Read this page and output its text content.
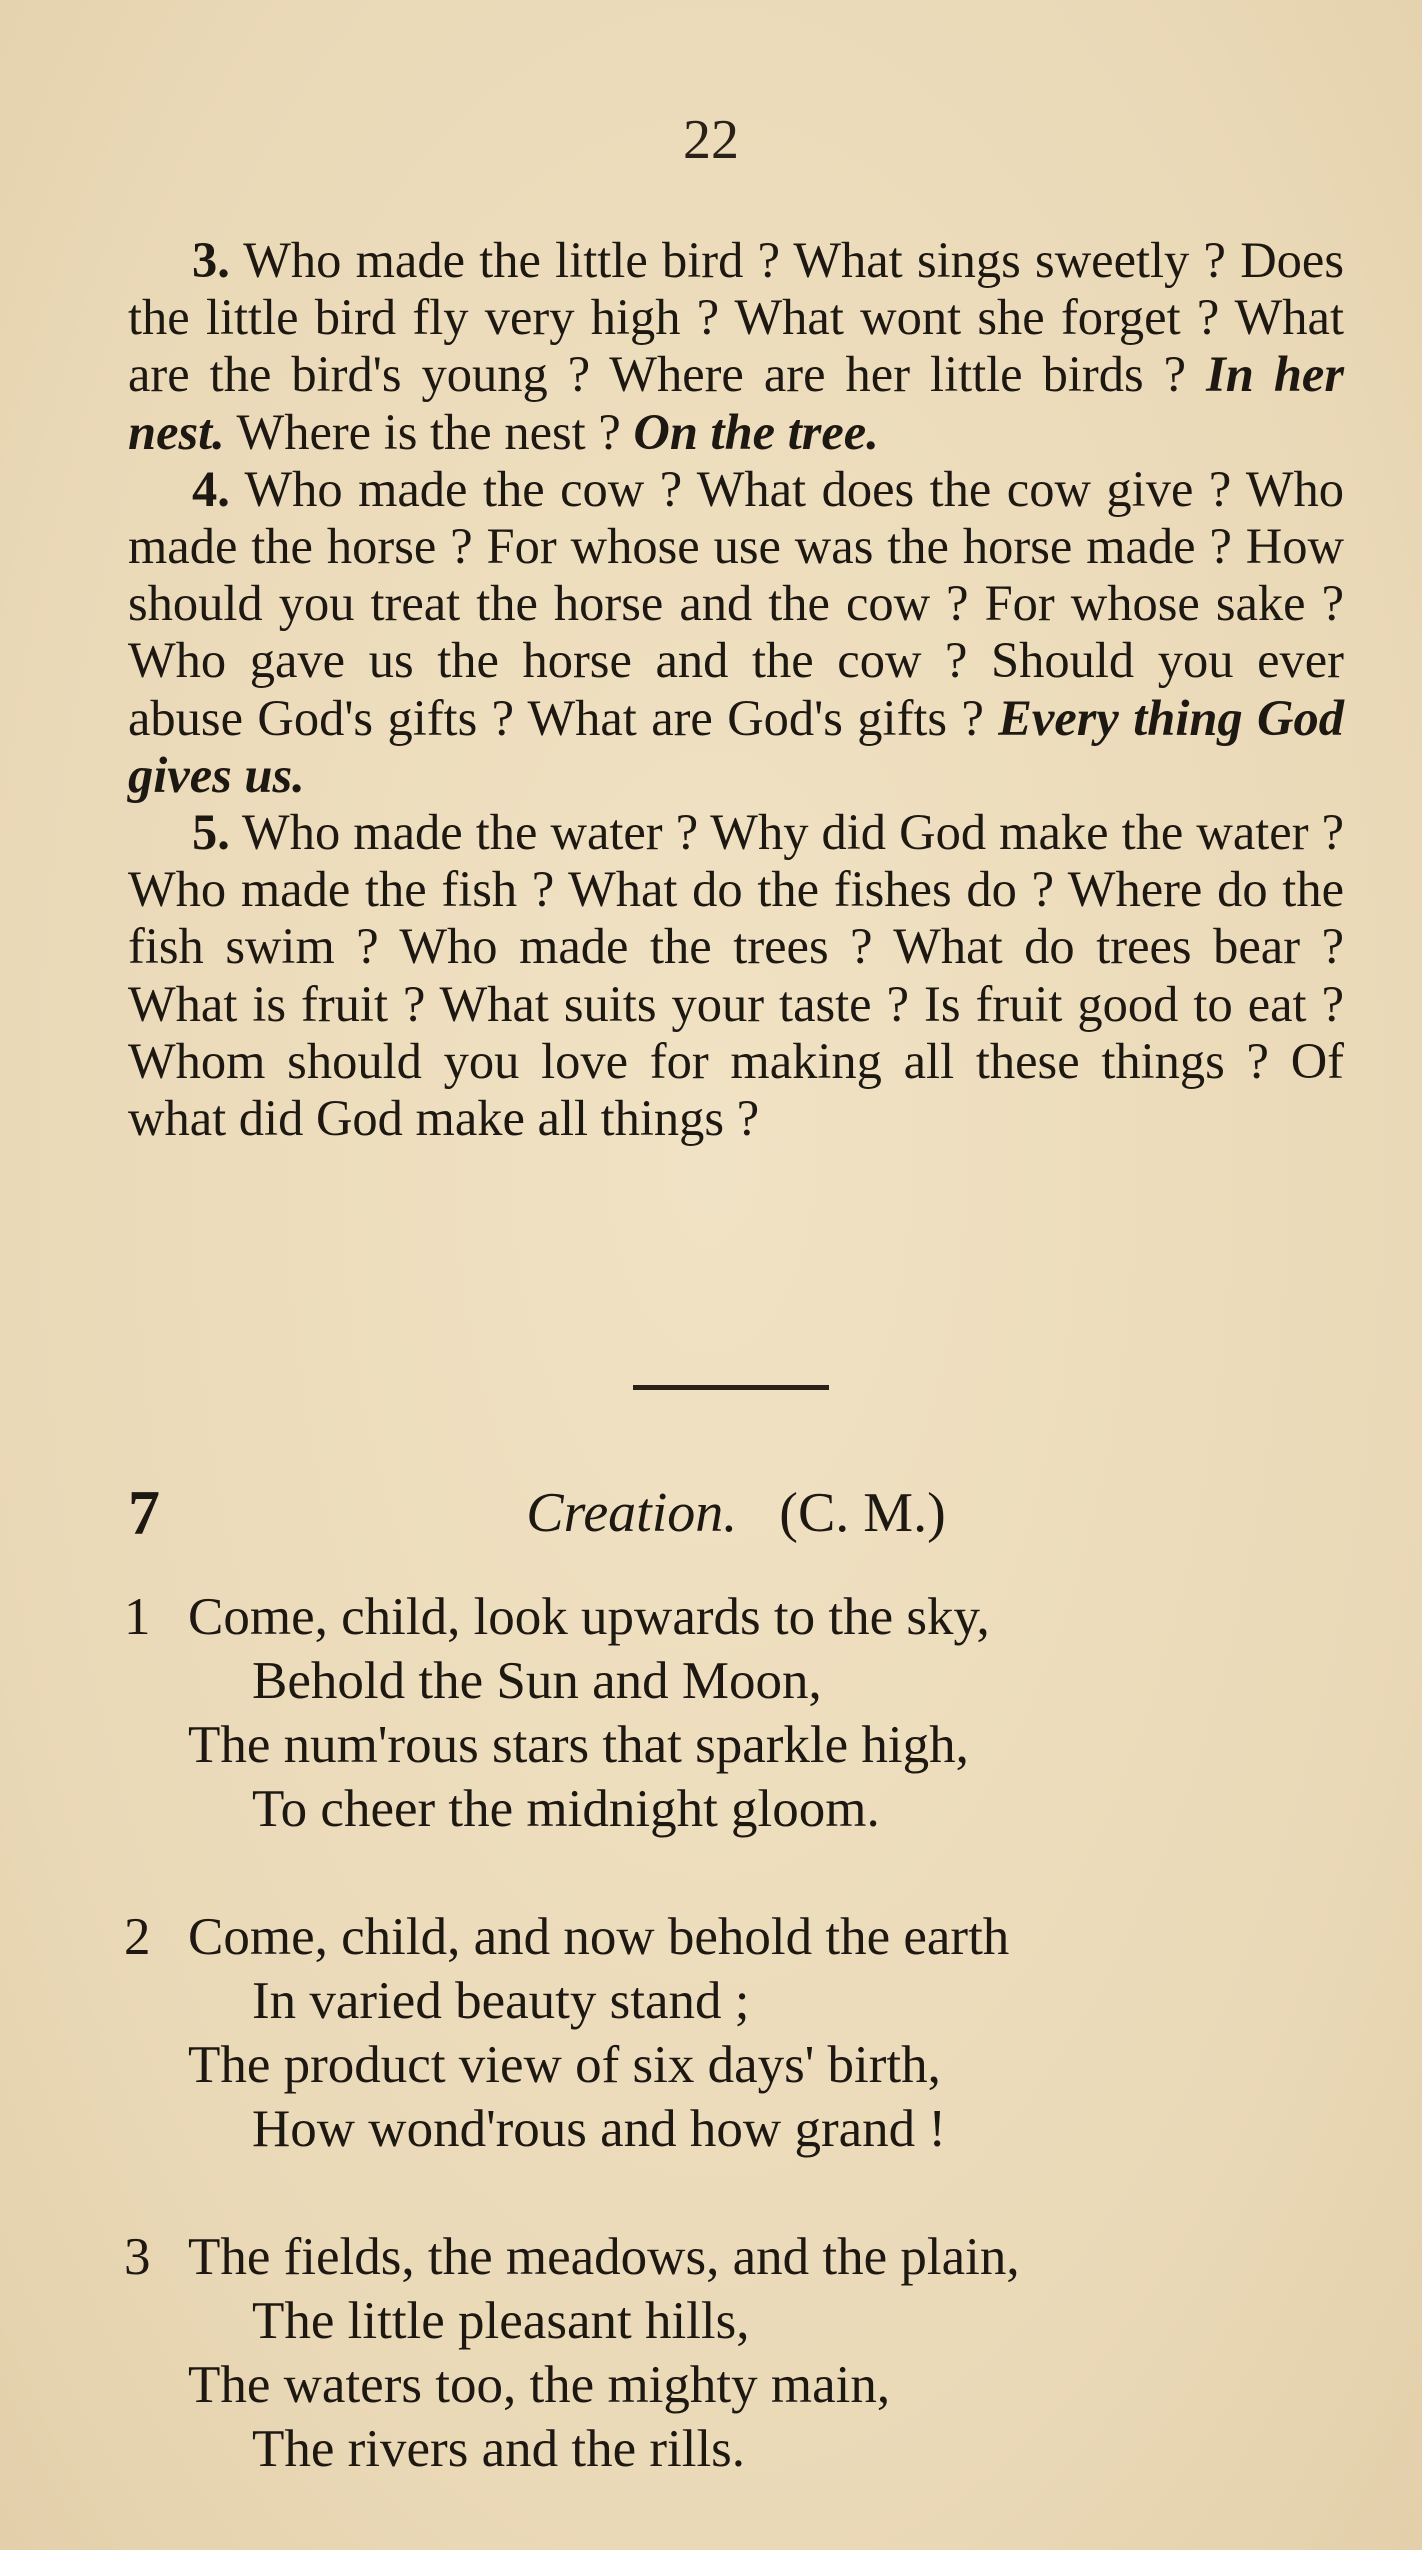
22

3. Who made the little bird ? What sings sweetly ? Does the little bird fly very high ? What wont she forget ? What are the bird's young ? Where are her little birds ? In her nest. Where is the nest ? On the tree.

4. Who made the cow ? What does the cow give ? Who made the horse ? For whose use was the horse made ? How should you treat the horse and the cow ? For whose sake ? Who gave us the horse and the cow ? Should you ever abuse God's gifts ? What are God's gifts ? Every thing God gives us.

5. Who made the water ? Why did God make the water ? Who made the fish ? What do the fishes do ? Where do the fish swim ? Who made the trees ? What do trees bear ? What is fruit ? What suits your taste ? Is fruit good to eat ? Whom should you love for making all these things ? Of what did God make all things ?

7	Creation. (C. M.)
1 Come, child, look upwards to the sky,
Behold the Sun and Moon,
The num'rous stars that sparkle high,
To cheer the midnight gloom.
2 Come, child, and now behold the earth
In varied beauty stand ;
The product view of six days' birth,
How wond'rous and how grand !
3 The fields, the meadows, and the plain,
The little pleasant hills,
The waters too, the mighty main,
The rivers and the rills.
